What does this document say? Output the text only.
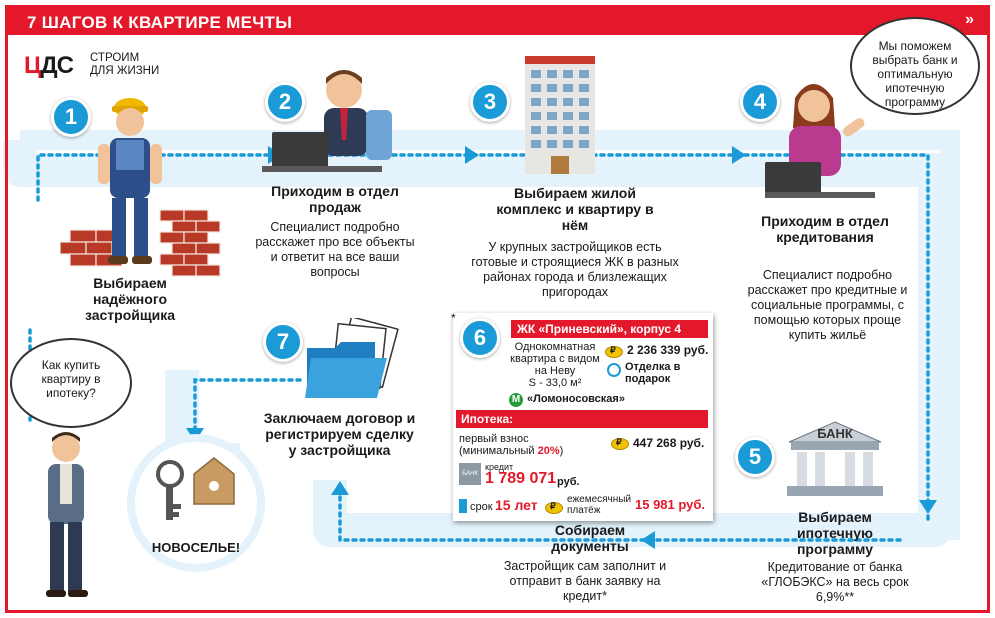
7 ШАГОВ К КВАРТИРЕ МЕЧТЫ	»
ЦДС СТРОИМ
ДЛЯ ЖИЗНИ
1
Выбираем надёжного застройщика
2
Приходим в отдел продаж
Специалист подробно расскажет про все объекты и ответит на все ваши вопросы
3
Выбираем жилой комплекс и квартиру в нём
У крупных застройщиков есть готовые и строящиеся ЖК в разных районах города и близлежащих пригородах
4
Приходим в отдел кредитования
Специалист подробно расскажет про кредитные и социальные программы, с помощью которых проще купить жильё
Мы поможем выбрать банк и оптимальную ипотечную программу
БАНК
5
Выбираем ипотечную программу
Кредитование от банка «ГЛОБЭКС» на весь срок 6,9%**
*
ЖК «Приневский», корпус 4
Однокомнатная квартира с видом на Неву
S - 33,0 м²
₽
2 236 339 руб.
Отделка в подарок
М «Ломоносовская»
Ипотека:
первый взнос
(минимальный 20%)
₽
447 268 руб.
БАНК
кредит
1 789 071 руб.
срок 15 лет
₽	ежемесячный платёж	15 981 руб.
6
Собираем документы
Застройщик сам заполнит и отправит в банк заявку на кредит*
7
Заключаем договор и регистрируем сделку у застройщика
НОВОСЕЛЬЕ!
Как купить квартиру в ипотеку?
